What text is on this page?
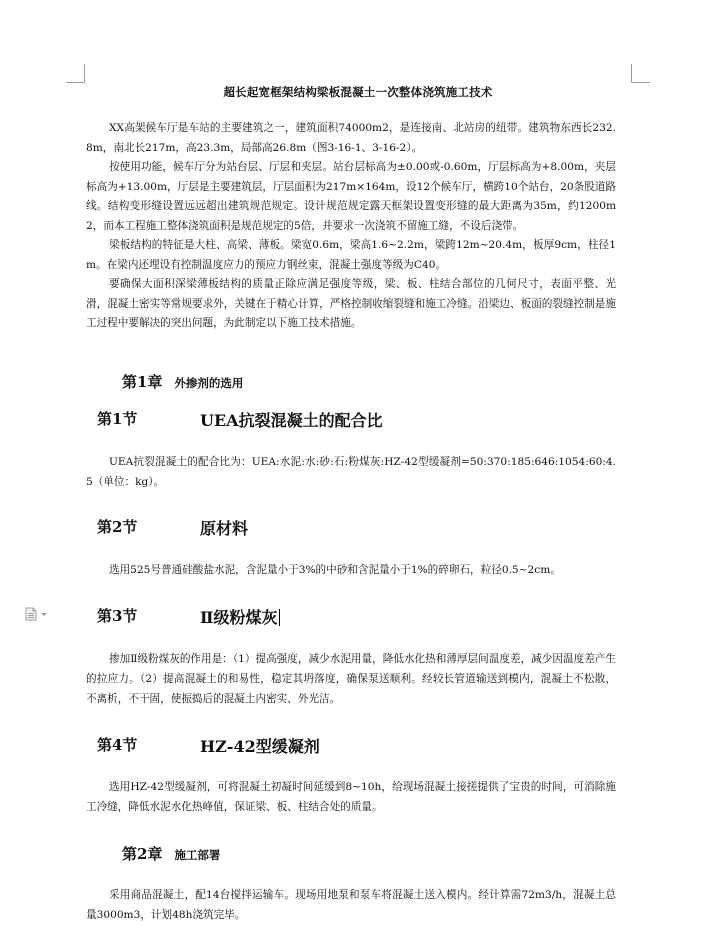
超长起宽框架结构梁板混凝土一次整体浇筑施工技术

XX高架候车厅是车站的主要建筑之一，建筑面积74000m2，是连接南、北站房的纽带。建筑物东西长232.8m，南北长217m，高23.3m，局部高26.8m（图3-16-1、3-16-2）。

按使用功能，候车厅分为站台层、厅层和夹层。站台层标高为±0.00或-0.60m，厅层标高为+8.00m，夹层标高为+13.00m，厅层是主要建筑层，厅层面积为217m×164m，设12个候车厅，横跨10个站台，20条股道路线。结构变形缝设置远远超出建筑规范规定。设计规范规定露天框架设置变形缝的最大距离为35m，约1200m2，而本工程施工整体浇筑面积是规范规定的5倍，并要求一次浇筑不留施工缝，不设后浇带。

梁板结构的特征是大柱、高梁、薄板。梁宽0.6m，梁高1.6~2.2m，梁跨12m~20.4m，板厚9cm，柱径1m。在梁内还埋设有控制温度应力的预应力钢丝束，混凝土强度等级为C40。

要确保大面积深梁薄板结构的质量正除应满足强度等级，梁、板、柱结合部位的几何尺寸，表面平整、光滑，混凝土密实等常规要求外，关键在于精心计算，严格控制收缩裂缝和施工冷缝。沿梁边、板面的裂缝控制是施工过程中要解决的突出问题，为此制定以下施工技术措施。

第1章 外掺剂的选用
第1节	UEA抗裂混凝土的配合比

UEA抗裂混凝土的配合比为：UEA:水泥:水:砂:石:粉煤灰:HZ-42型缓凝剂=50:370:185:646:1054:60:4.5（单位：kg）。

第2节	原材料

选用525号普通硅酸盐水泥，含泥量小于3%的中砂和含泥量小于1%的碎卵石，粒径0.5~2cm。

第3节	Ⅱ级粉煤灰

掺加Ⅱ级粉煤灰的作用是：（1）提高强度，减少水泥用量，降低水化热和薄厚层间温度差，减少因温度差产生的拉应力。（2）提高混凝土的和易性，稳定其坍落度，确保泵送顺利。经较长管道输送到模内，混凝土不松散，不离析，不干固，使振捣后的混凝土内密实、外光洁。

第4节	HZ-42型缓凝剂

选用HZ-42型缓凝剂，可将混凝土初凝时间延缓到8~10h，给现场混凝土接搓提供了宝贵的时间，可消除施工冷缝，降低水泥水化热峰值，保证梁、板、柱结合处的质量。

第2章 施工部署

采用商品混凝土，配14台搅拌运输车。现场用地泵和泵车将混凝土送入模内。经计算需72m3/h，混凝土总量3000m3，计划48h浇筑完毕。
